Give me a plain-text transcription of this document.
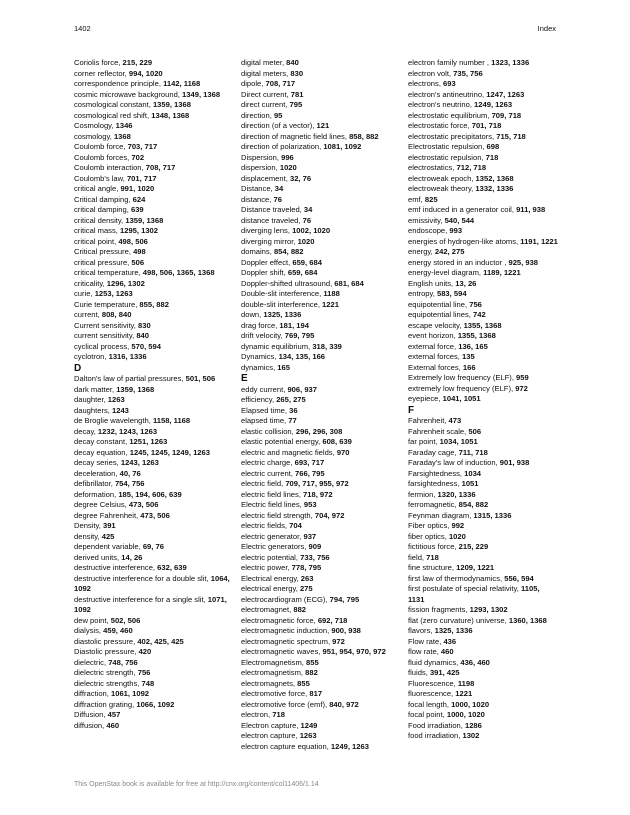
1402	Index
Coriolis force, 215, 229
corner reflector, 994, 1020
correspondence principle, 1142, 1168
cosmic microwave background, 1349, 1368
cosmological constant, 1359, 1368
cosmological red shift, 1348, 1368
Cosmology, 1346
cosmology, 1368
Coulomb force, 703, 717
Coulomb forces, 702
Coulomb interaction, 708, 717
Coulomb's law, 701, 717
critical angle, 991, 1020
Critical damping, 624
critical damping, 639
critical density, 1359, 1368
critical mass, 1295, 1302
critical point, 498, 506
Critical pressure, 498
critical pressure, 506
critical temperature, 498, 506, 1365, 1368
criticality, 1296, 1302
curie, 1253, 1263
Curie temperature, 855, 882
current, 808, 840
Current sensitivity, 830
current sensitivity, 840
cyclical process, 570, 594
cyclotron, 1316, 1336
D
Dalton's law of partial pressures, 501, 506
dark matter, 1359, 1368
daughter, 1263
daughters, 1243
de Broglie wavelength, 1158, 1168
decay, 1232, 1243, 1263
decay constant, 1251, 1263
decay equation, 1245, 1245, 1249, 1263
decay series, 1243, 1263
deceleration, 40, 76
defibrillator, 754, 756
deformation, 185, 194, 606, 639
degree Celsius, 473, 506
degree Fahrenheit, 473, 506
Density, 391
density, 425
dependent variable, 69, 76
derived units, 14, 26
destructive interference, 632, 639
destructive interference for a double slit, 1064, 1092
destructive interference for a single slit, 1071, 1092
dew point, 502, 506
dialysis, 459, 460
diastolic pressure, 402, 425, 425
Diastolic pressure, 420
dielectric, 748, 756
dielectric strength, 756
dielectric strengths, 748
diffraction, 1061, 1092
diffraction grating, 1066, 1092
Diffusion, 457
diffusion, 460
digital meter, 840
digital meters, 830
dipole, 708, 717
Direct current, 781
direct current, 795
direction, 95
direction (of a vector), 121
direction of magnetic field lines, 858, 882
direction of polarization, 1081, 1092
Dispersion, 996
dispersion, 1020
displacement, 32, 76
Distance, 34
distance, 76
Distance traveled, 34
distance traveled, 76
diverging lens, 1002, 1020
diverging mirror, 1020
domains, 854, 882
Doppler effect, 659, 684
Doppler shift, 659, 684
Doppler-shifted ultrasound, 681, 684
Double-slit interference, 1188
double-slit interference, 1221
down, 1325, 1336
drag force, 181, 194
drift velocity, 769, 795
dynamic equilibrium, 318, 339
Dynamics, 134, 135, 166
dynamics, 165
E
eddy current, 906, 937
efficiency, 265, 275
Elapsed time, 36
elapsed time, 77
elastic collision, 296, 296, 308
elastic potential energy, 608, 639
electric and magnetic fields, 970
electric charge, 693, 717
electric current, 766, 795
electric field, 709, 717, 955, 972
electric field lines, 718, 972
Electric field lines, 953
electric field strength, 704, 972
electric fields, 704
electric generator, 937
Electric generators, 909
electric potential, 733, 756
electric power, 778, 795
Electrical energy, 263
electrical energy, 275
electrocardiogram (ECG), 794, 795
electromagnet, 882
electromagnetic force, 692, 718
electromagnetic induction, 900, 938
electromagnetic spectrum, 972
electromagnetic waves, 951, 954, 970, 972
Electromagnetism, 855
electromagnetism, 882
electromagnets, 855
electromotive force, 817
electromotive force (emf), 840, 972
electron, 718
Electron capture, 1249
electron capture, 1263
electron capture equation, 1249, 1263
electron family number , 1323, 1336
electron volt, 735, 756
electrons, 693
electron's antineutrino, 1247, 1263
electron's neutrino, 1249, 1263
electrostatic equilibrium, 709, 718
electrostatic force, 701, 718
electrostatic precipitators, 715, 718
Electrostatic repulsion, 698
electrostatic repulsion, 718
electrostatics, 712, 718
electroweak epoch, 1352, 1368
electroweak theory, 1332, 1336
emf, 825
emf induced in a generator coil, 911, 938
emissivity, 540, 544
endoscope, 993
energies of hydrogen-like atoms, 1191, 1221
energy, 242, 275
energy stored in an inductor , 925, 938
energy-level diagram, 1189, 1221
English units, 13, 26
entropy, 583, 594
equipotential line, 756
equipotential lines, 742
escape velocity, 1355, 1368
event horizon, 1355, 1368
external force, 136, 165
external forces, 135
External forces, 166
Extremely low frequency (ELF), 959
extremely low frequency (ELF), 972
eyepiece, 1041, 1051
F
Fahrenheit, 473
Fahrenheit scale, 506
far point, 1034, 1051
Faraday cage, 711, 718
Faraday's law of induction, 901, 938
Farsightedness, 1034
farsightedness, 1051
fermion, 1320, 1336
ferromagnetic, 854, 882
Feynman diagram, 1315, 1336
Fiber optics, 992
fiber optics, 1020
fictitious force, 215, 229
field, 718
fine structure, 1209, 1221
first law of thermodynamics, 556, 594
first postulate of special relativity, 1105, 1131
fission fragments, 1293, 1302
flat (zero curvature) universe, 1360, 1368
flavors, 1325, 1336
Flow rate, 436
flow rate, 460
fluid dynamics, 436, 460
fluids, 391, 425
Fluorescence, 1198
fluorescence, 1221
focal length, 1000, 1020
focal point, 1000, 1020
Food irradiation, 1286
food irradiation, 1302
This OpenStax book is available for free at http://cnx.org/content/col11406/1.14
